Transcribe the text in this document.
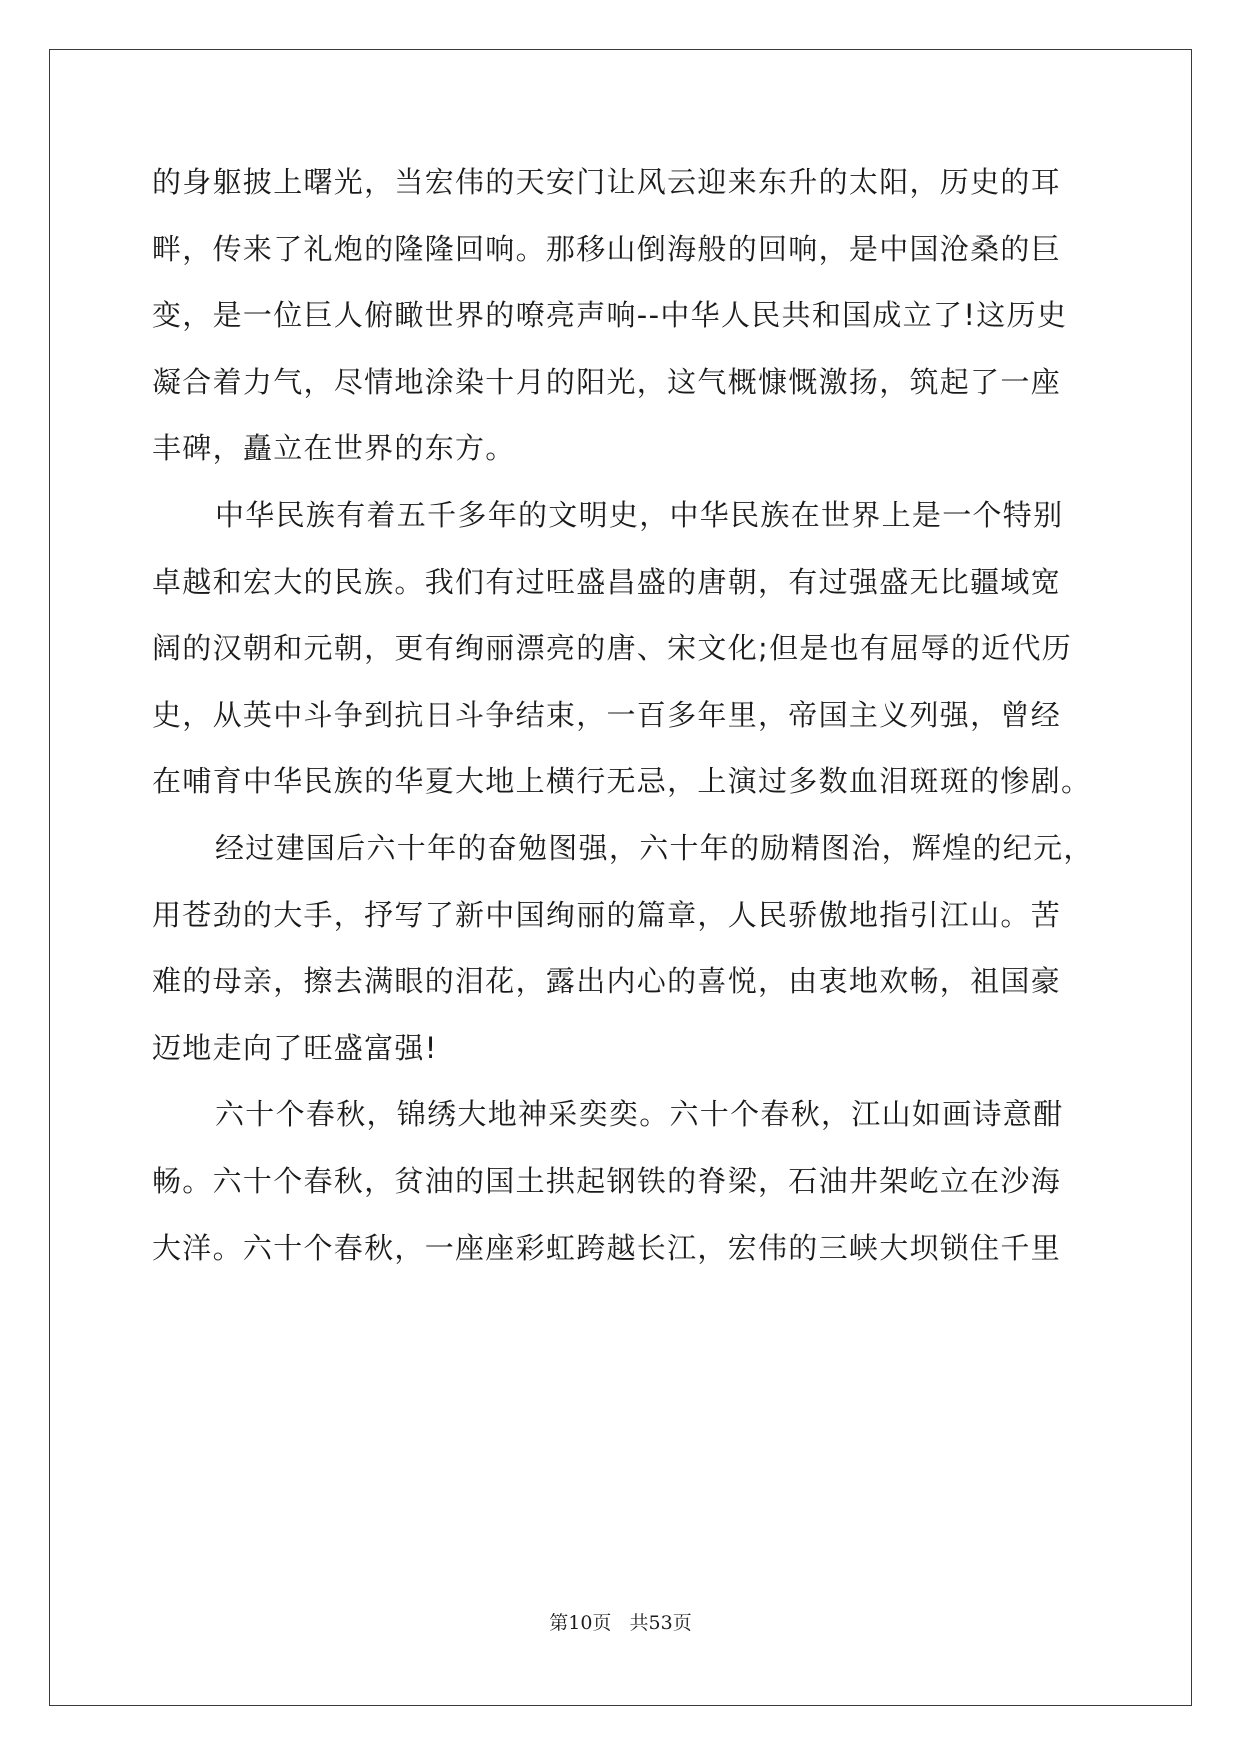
的身躯披上曙光，当宏伟的天安门让风云迎来东升的太阳，历史的耳
畔，传来了礼炮的隆隆回响。那移山倒海般的回响，是中国沧桑的巨
变，是一位巨人俯瞰世界的嘹亮声响--中华人民共和国成立了!这历史
凝合着力气，尽情地涂染十月的阳光，这气概慷慨激扬，筑起了一座
丰碑，矗立在世界的东方。
中华民族有着五千多年的文明史，中华民族在世界上是一个特别
卓越和宏大的民族。我们有过旺盛昌盛的唐朝，有过强盛无比疆域宽
阔的汉朝和元朝，更有绚丽漂亮的唐、宋文化;但是也有屈辱的近代历
史，从英中斗争到抗日斗争结束，一百多年里，帝国主义列强，曾经
在哺育中华民族的华夏大地上横行无忌，上演过多数血泪斑斑的惨剧。
经过建国后六十年的奋勉图强，六十年的励精图治，辉煌的纪元，
用苍劲的大手，抒写了新中国绚丽的篇章，人民骄傲地指引江山。苦
难的母亲，擦去满眼的泪花，露出内心的喜悦，由衷地欢畅，祖国豪
迈地走向了旺盛富强!
六十个春秋，锦绣大地神采奕奕。六十个春秋，江山如画诗意酣
畅。六十个春秋，贫油的国土拱起钢铁的脊梁，石油井架屹立在沙海
大洋。六十个春秋，一座座彩虹跨越长江，宏伟的三峡大坝锁住千里
第10页   共53页
